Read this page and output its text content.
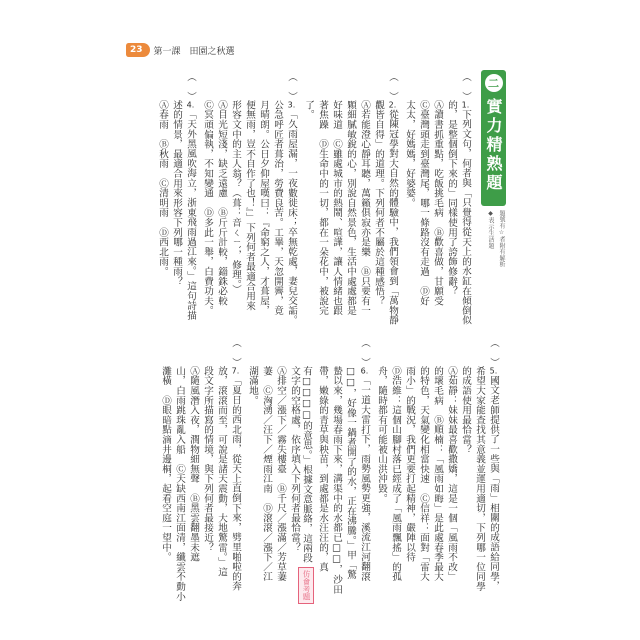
23	第一課 田園之秋選
二
實力精熟題
題號有☆者附有解析
◆表示生活題
（　）1.下列文句，何者與「只覺得從天上的水缸在傾倒似
的，是整個倒下來的」同樣使用了誇飾修辭？
Ⓐ讀書抓重點，吃飯挑毛病　Ⓑ歡喜做，甘願受
Ⓒ臺灣頭走到臺灣尾，哪一條路沒有走過　Ⓓ好
太太，好媽媽，好婆婆。
（　）2.從陳冠學對大自然的體驗中，我們領會到「萬物靜
觀皆自得」的道理。下列何者不屬於這種感悟？
Ⓐ若能澄心靜耳聽，萬籟俱寂亦是樂　Ⓑ只要有一
顆細膩敏銳的心，別說自然景色，生活中處處都是
好味道　Ⓒ雖處城市的熱鬧、喧譁，讓人情緒也跟
著焦躁　Ⓓ生命中的一切，都在一朵花中，被說完
了。
（　）3.「久雨屋漏，一夜數徙床；卒無乾處，妻兒交詬。
公急呼匠者葺治，勞費良苦。工畢，天忽開霽，竟
月晴朗。公日夕仰屋嘆曰：『命窮之人，才葺屋，
便無雨，豈不自作了也！』」下列何者最適合用來
形容文中的主人翁？（葺：音ㄑㄧˋ，修理。）
Ⓐ目光短淺，缺乏遠慮　Ⓑ斤斤計較，錙銖必較
Ⓒ冥頑偏執，不知變通　Ⓓ多此一舉，白費功夫。
（　）4.「天外黑風吹海立，浙東飛雨過江來。」這句詩描
述的情景，最適合用來形容下列哪一種雨？
Ⓐ春雨　Ⓑ秋雨　Ⓒ清明雨　Ⓓ西北雨。
（　）5.國文老師提供了一些與「雨」相關的成語給同學，
希望大家能查找其意義並運用適切，下列哪一位同學
的成語使用最恰當？
Ⓐ茹靜：妹妹最喜歡撒嬌，這是一個「風雨不改」
的壞毛病　Ⓑ順楠：「風雨如晦」是此處春季最大
的特色，天氣變化相當快速　Ⓒ信祥：面對「雷大
雨小」的戰況，我們更要打起精神，嚴陣以待
Ⓓ浩維：這個山腳村落已經成了「風雨飄搖」的孤
舟，隨時都有可能被山洪沖毀。
（　）6.「一道大雷打下，雨勢風勢更強，溪流江河翻滾
□□，好像一鍋煮開了的水，正在沸騰。」甲「驚
蟄以來，幾場春雨下來，溝渠中的水都已□□，沙田
帶，嫩綠的青草與秧苗，到處都是水汪汪的，真
有□□□□的意思。」根據文意脈絡，這兩段仿會考題
文字的空格處，依序填入下列何者最恰當？
Ⓐ排空／漲下／霧失樓臺　Ⓑ千尺／漲滿／芳草萋
萋　Ⓒ洶湧／汪下／煙雨江南　Ⓓ滾滾／漲下／江
湖滿地。
（　）7.「夏日的西北雨，從天上直倒下來，劈里啪啦的奔
放，滾滾而至，可說是諸天震動，大地驚雷。」這
段文字所描寫的情境，與下列何者最接近？
Ⓐ隨風潛入夜，潤物細無聲　Ⓑ黑雲翻墨未遮
山，白雨跳珠亂入船　Ⓒ天缺西南江面清，纖雲不動小
灘橫　Ⓓ眼暗點滴井邊桐，起看空庭一望中。
